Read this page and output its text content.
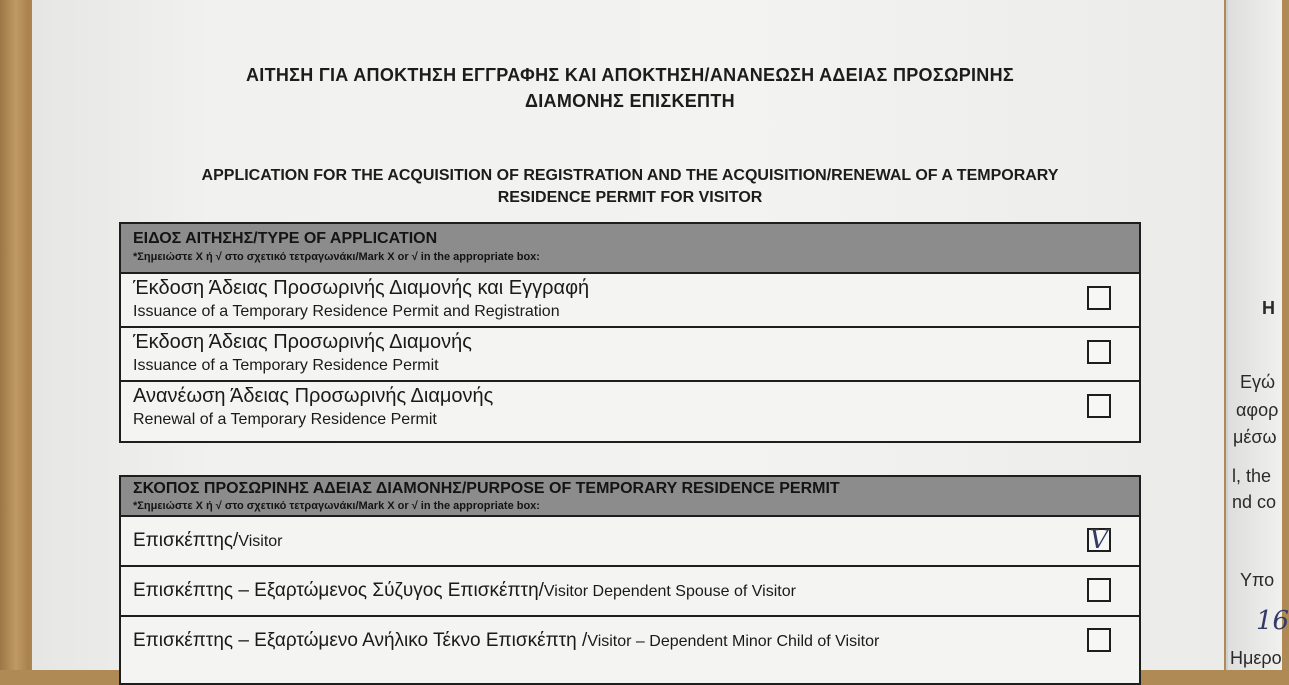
ΑΙΤΗΣΗ ΓΙΑ ΑΠΟΚΤΗΣΗ ΕΓΓΡΑΦΗΣ ΚΑΙ ΑΠΟΚΤΗΣΗ/ΑΝΑΝΕΩΣΗ ΑΔΕΙΑΣ ΠΡΟΣΩΡΙΝΗΣ
ΔΙΑΜΟΝΗΣ ΕΠΙΣΚΕΠΤΗ
APPLICATION FOR THE ACQUISITION OF REGISTRATION AND THE ACQUISITION/RENEWAL OF A TEMPORARY
RESIDENCE PERMIT FOR VISITOR
ΕΙΔΟΣ ΑΙΤΗΣΗΣ/TYPE OF APPLICATION
*Σημειώστε Χ ή √ στο σχετικό τετραγωνάκι/Mark X or √ in the appropriate box:
Έκδοση Άδειας Προσωρινής Διαμονής και Εγγραφή
Issuance of a Temporary Residence Permit and Registration
Έκδοση Άδειας Προσωρινής Διαμονής
Issuance of a Temporary Residence Permit
Ανανέωση Άδειας Προσωρινής Διαμονής
Renewal of a Temporary Residence Permit
ΣΚΟΠΟΣ ΠΡΟΣΩΡΙΝΗΣ ΑΔΕΙΑΣ ΔΙΑΜΟΝΗΣ/PURPOSE OF TEMPORARY RESIDENCE PERMIT
*Σημειώστε Χ ή √ στο σχετικό τετραγωνάκι/Mark X or √ in the appropriate box:
Επισκέπτης/Visitor	V
Επισκέπτης – Εξαρτώμενος Σύζυγος Επισκέπτη/Visitor Dependent Spouse of Visitor
Επισκέπτης – Εξαρτώμενο Ανήλικο Τέκνο Επισκέπτη /Visitor – Dependent Minor Child of Visitor
Η
Εγώ
αφορ
μέσω
l, the
nd co
Υπο
16
Ημερο
